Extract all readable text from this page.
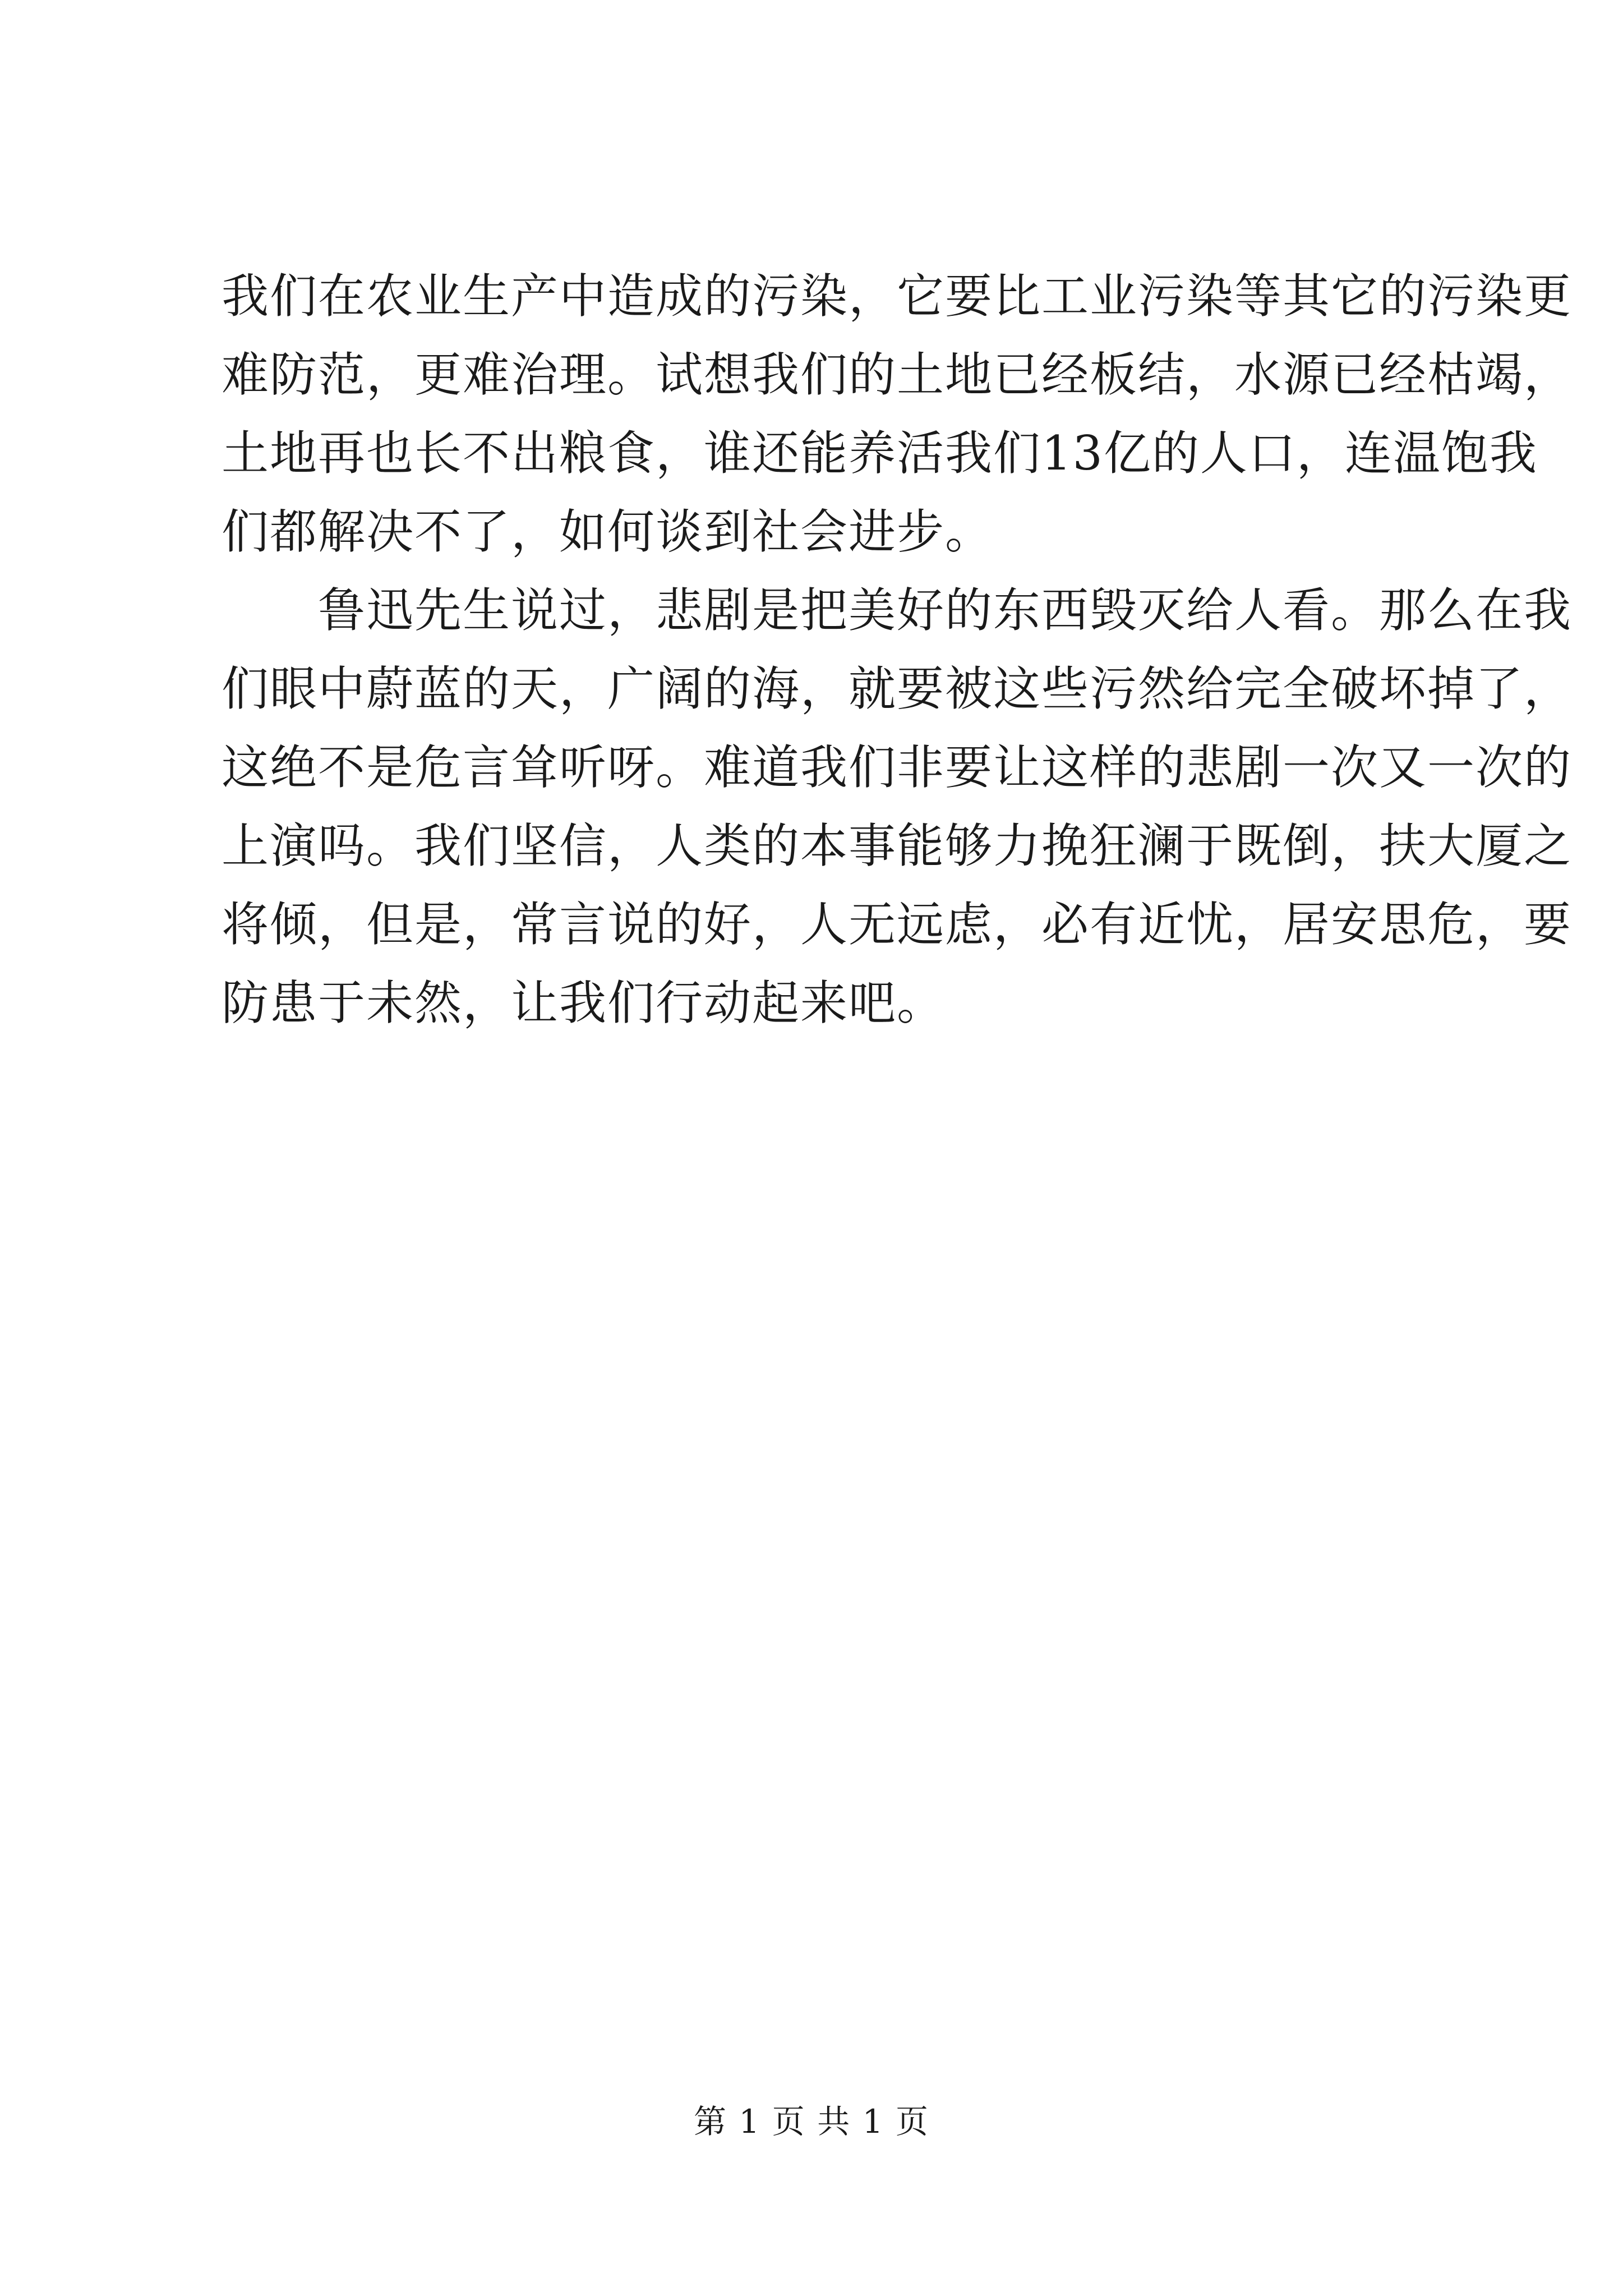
我们在农业生产中造成的污染，它要比工业污染等其它的污染更
难防范，更难治理。试想我们的土地已经板结，水源已经枯竭，
土地再也长不出粮食，谁还能养活我们13亿的人口，连温饱我
们都解决不了，如何谈到社会进步。

　　鲁迅先生说过，悲剧是把美好的东西毁灭给人看。那么在我
们眼中蔚蓝的天，广阔的海，就要被这些污然给完全破坏掉了，
这绝不是危言耸听呀。难道我们非要让这样的悲剧一次又一次的
上演吗。我们坚信，人类的本事能够力挽狂澜于既倒，扶大厦之
将倾，但是，常言说的好，人无远虑，必有近忧，居安思危，要
防患于未然，让我们行动起来吧。

第 1 页 共 1 页
